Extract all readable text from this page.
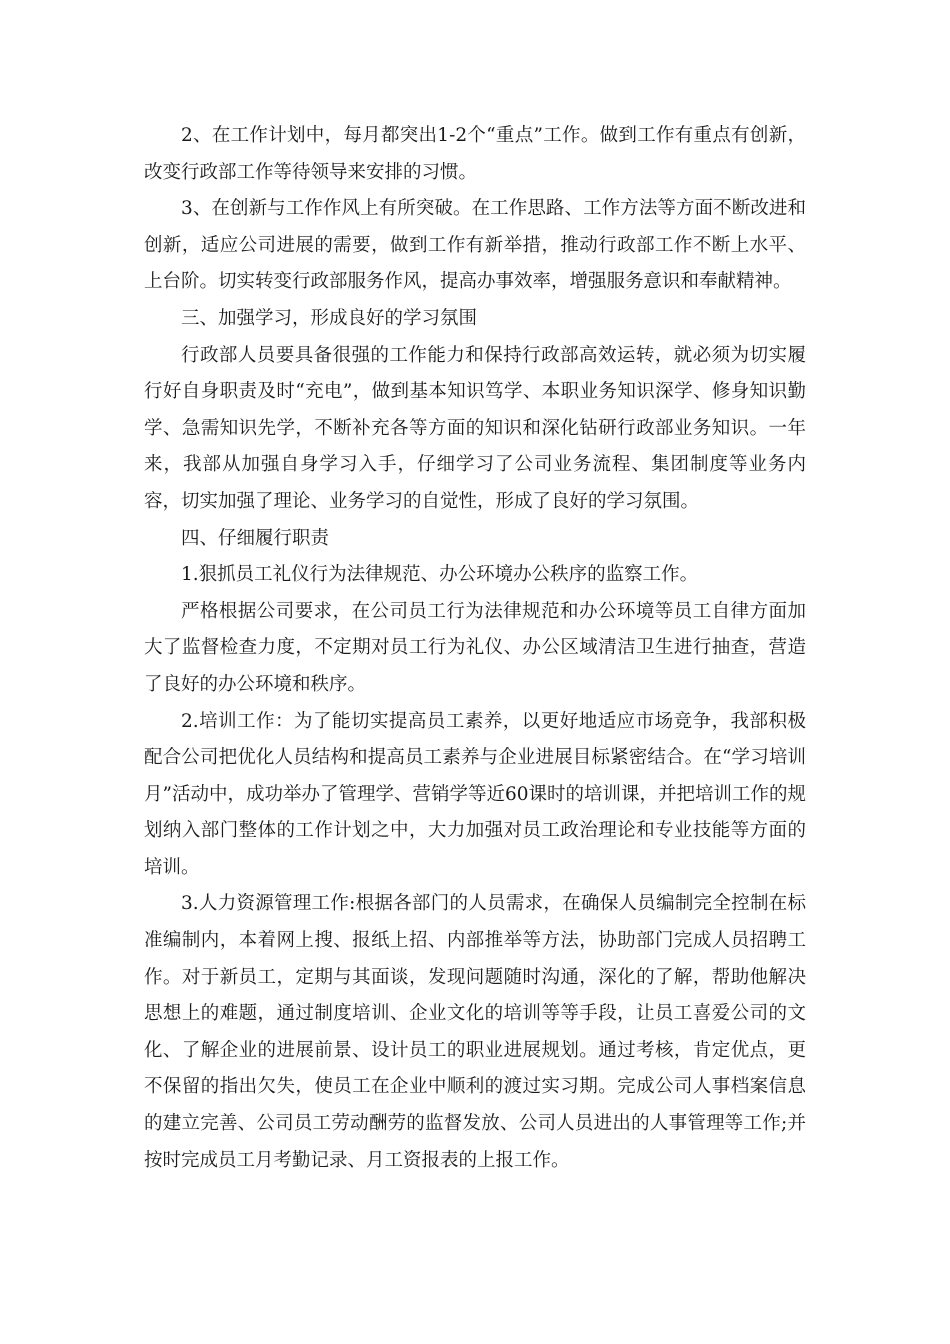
2、在工作计划中，每月都突出1-2个“重点”工作。做到工作有重点有创新，改变行政部工作等待领导来安排的习惯。

3、在创新与工作作风上有所突破。在工作思路、工作方法等方面不断改进和创新，适应公司进展的需要，做到工作有新举措，推动行政部工作不断上水平、上台阶。切实转变行政部服务作风，提高办事效率，增强服务意识和奉献精神。

三、加强学习，形成良好的学习氛围

行政部人员要具备很强的工作能力和保持行政部高效运转，就必须为切实履行好自身职责及时“充电”，做到基本知识笃学、本职业务知识深学、修身知识勤学、急需知识先学，不断补充各等方面的知识和深化钻研行政部业务知识。一年来，我部从加强自身学习入手，仔细学习了公司业务流程、集团制度等业务内容，切实加强了理论、业务学习的自觉性，形成了良好的学习氛围。

四、仔细履行职责

1.狠抓员工礼仪行为法律规范、办公环境办公秩序的监察工作。

严格根据公司要求，在公司员工行为法律规范和办公环境等员工自律方面加大了监督检查力度，不定期对员工行为礼仪、办公区域清洁卫生进行抽查，营造了良好的办公环境和秩序。

2.培训工作：为了能切实提高员工素养，以更好地适应市场竞争，我部积极配合公司把优化人员结构和提高员工素养与企业进展目标紧密结合。在“学习培训月”活动中，成功举办了管理学、营销学等近60课时的培训课，并把培训工作的规划纳入部门整体的工作计划之中，大力加强对员工政治理论和专业技能等方面的培训。

3.人力资源管理工作:根据各部门的人员需求，在确保人员编制完全控制在标准编制内，本着网上搜、报纸上招、内部推举等方法，协助部门完成人员招聘工作。对于新员工，定期与其面谈，发现问题随时沟通，深化的了解，帮助他解决思想上的难题，通过制度培训、企业文化的培训等等手段，让员工喜爱公司的文化、了解企业的进展前景、设计员工的职业进展规划。通过考核，肯定优点，更不保留的指出欠失，使员工在企业中顺利的渡过实习期。完成公司人事档案信息的建立完善、公司员工劳动酬劳的监督发放、公司人员进出的人事管理等工作;并按时完成员工月考勤记录、月工资报表的上报工作。
